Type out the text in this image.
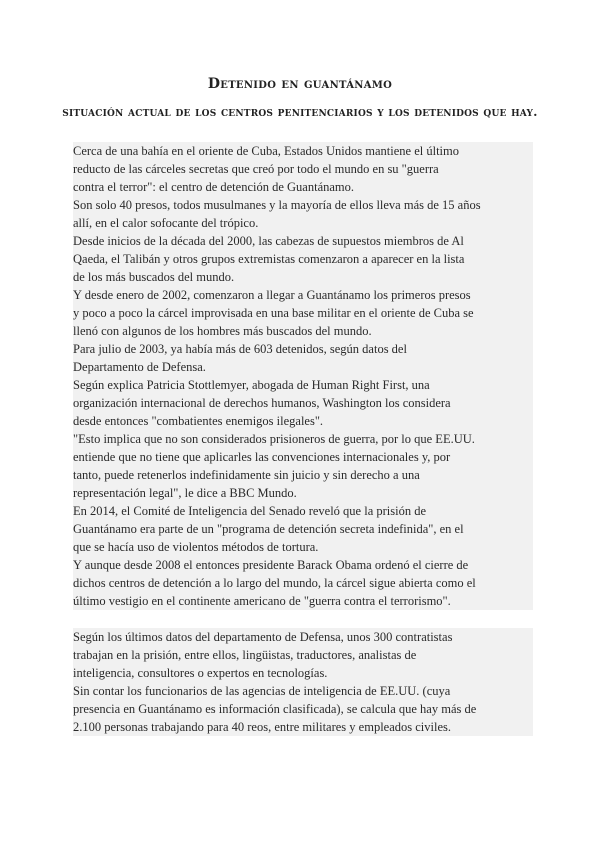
Detenido en guantánamo
situación actual de los centros penitenciarios y los detenidos que hay.

Cerca de una bahía en el oriente de Cuba, Estados Unidos mantiene el último
reducto de las cárceles secretas que creó por todo el mundo en su "guerra
contra el terror": el centro de detención de Guantánamo.

Son solo 40 presos, todos musulmanes y la mayoría de ellos lleva más de 15 años
allí, en el calor sofocante del trópico.

Desde inicios de la década del 2000, las cabezas de supuestos miembros de Al
Qaeda, el Talibán y otros grupos extremistas comenzaron a aparecer en la lista
de los más buscados del mundo.

Y desde enero de 2002, comenzaron a llegar a Guantánamo los primeros presos
y poco a poco la cárcel improvisada en una base militar en el oriente de Cuba se
llenó con algunos de los hombres más buscados del mundo.

Para julio de 2003, ya había más de 603 detenidos, según datos del
Departamento de Defensa.

Según explica Patricia Stottlemyer, abogada de Human Right First, una
organización internacional de derechos humanos, Washington los considera
desde entonces "combatientes enemigos ilegales".

"Esto implica que no son considerados prisioneros de guerra, por lo que EE.UU.
entiende que no tiene que aplicarles las convenciones internacionales y, por
tanto, puede retenerlos indefinidamente sin juicio y sin derecho a una
representación legal", le dice a BBC Mundo.

En 2014, el Comité de Inteligencia del Senado reveló que la prisión de
Guantánamo era parte de un "programa de detención secreta indefinida", en el
que se hacía uso de violentos métodos de tortura.

Y aunque desde 2008 el entonces presidente Barack Obama ordenó el cierre de
dichos centros de detención a lo largo del mundo, la cárcel sigue abierta como el
último vestigio en el continente americano de "guerra contra el terrorismo".

Según los últimos datos del departamento de Defensa, unos 300 contratistas
trabajan en la prisión, entre ellos, lingüistas, traductores, analistas de
inteligencia, consultores o expertos en tecnologías.

Sin contar los funcionarios de las agencias de inteligencia de EE.UU. (cuya
presencia en Guantánamo es información clasificada), se calcula que hay más de
2.100 personas trabajando para 40 reos, entre militares y empleados civiles.
